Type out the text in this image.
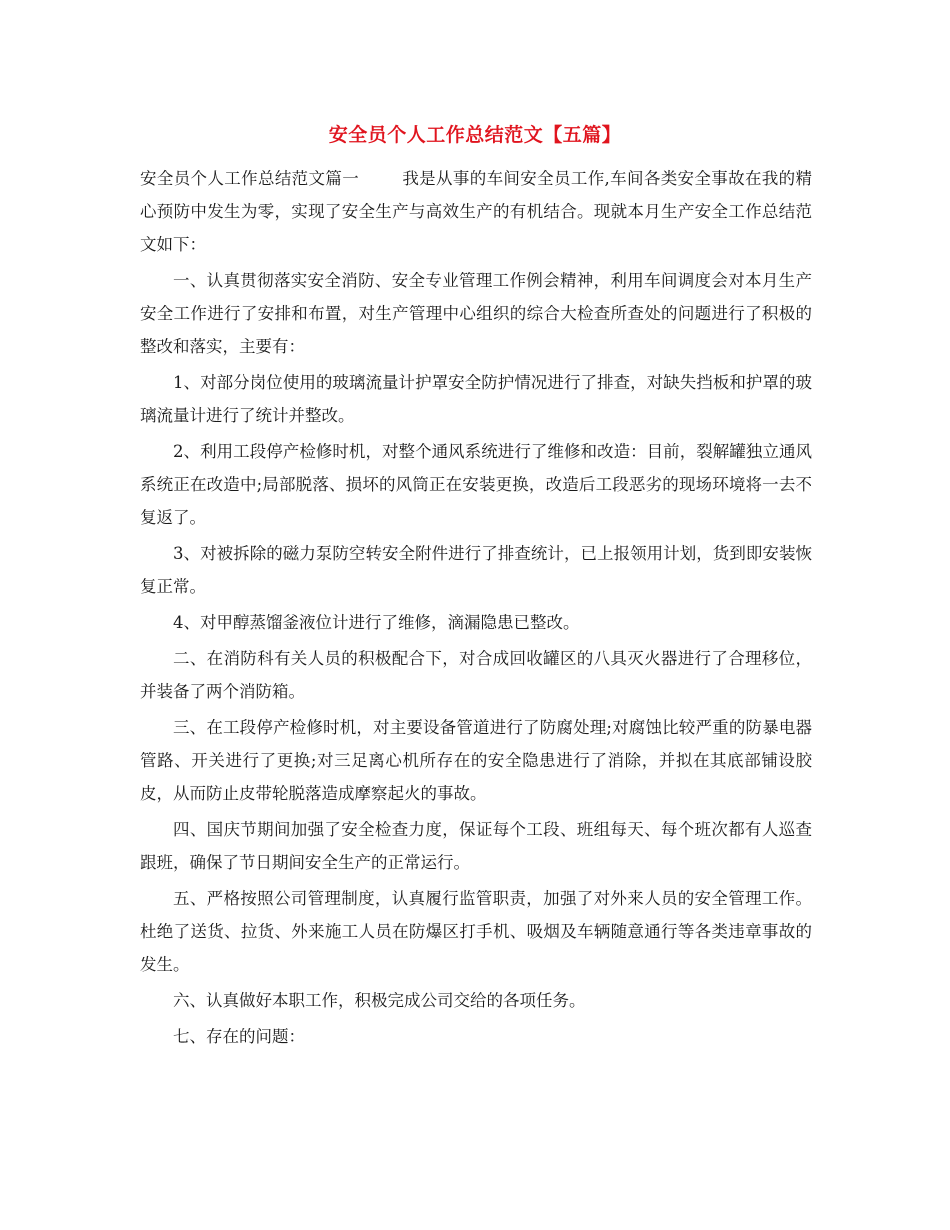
安全员个人工作总结范文【五篇】

安全员个人工作总结范文篇一	我是从事的车间安全员工作,车间各类安全事故在我的精心预防中发生为零，实现了安全生产与高效生产的有机结合。现就本月生产安全工作总结范文如下：

一、认真贯彻落实安全消防、安全专业管理工作例会精神，利用车间调度会对本月生产安全工作进行了安排和布置，对生产管理中心组织的综合大检查所查处的问题进行了积极的整改和落实，主要有：

1、对部分岗位使用的玻璃流量计护罩安全防护情况进行了排查，对缺失挡板和护罩的玻璃流量计进行了统计并整改。

2、利用工段停产检修时机，对整个通风系统进行了维修和改造：目前，裂解罐独立通风系统正在改造中;局部脱落、损坏的风筒正在安装更换，改造后工段恶劣的现场环境将一去不复返了。

3、对被拆除的磁力泵防空转安全附件进行了排查统计，已上报领用计划，货到即安装恢复正常。

4、对甲醇蒸馏釜液位计进行了维修，滴漏隐患已整改。

二、在消防科有关人员的积极配合下，对合成回收罐区的八具灭火器进行了合理移位，并装备了两个消防箱。

三、在工段停产检修时机，对主要设备管道进行了防腐处理;对腐蚀比较严重的防暴电器管路、开关进行了更换;对三足离心机所存在的安全隐患进行了消除，并拟在其底部铺设胶皮，从而防止皮带轮脱落造成摩察起火的事故。

四、国庆节期间加强了安全检查力度，保证每个工段、班组每天、每个班次都有人巡查跟班，确保了节日期间安全生产的正常运行。

五、严格按照公司管理制度，认真履行监管职责，加强了对外来人员的安全管理工作。杜绝了送货、拉货、外来施工人员在防爆区打手机、吸烟及车辆随意通行等各类违章事故的发生。

六、认真做好本职工作，积极完成公司交给的各项任务。

七、存在的问题：
